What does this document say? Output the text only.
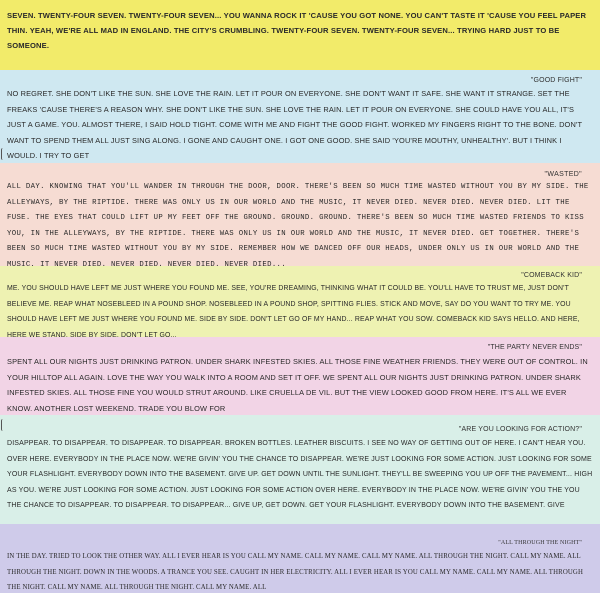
SEVEN. TWENTY-FOUR SEVEN. TWENTY-FOUR SEVEN... YOU WANNA ROCK IT 'CAUSE YOU GOT NONE. YOU CAN'T TASTE IT 'CAUSE YOU FEEL PAPER THIN. YEAH, WE'RE ALL MAD IN ENGLAND. THE CITY'S CRUMBLING. TWENTY-FOUR SEVEN. TWENTY-FOUR SEVEN... TRYING HARD JUST TO BE SOMEONE.
"GOOD FIGHT"
NO REGRET. SHE DON'T LIKE THE SUN. SHE LOVE THE RAIN. LET IT POUR ON EVERYONE. SHE DON'T WANT IT SAFE. SHE WANT IT STRANGE. SET THE FREAKS 'CAUSE THERE'S A REASON WHY. SHE DON'T LIKE THE SUN. SHE LOVE THE RAIN. LET IT POUR ON EVERYONE. SHE COULD HAVE YOU ALL, IT'S JUST A GAME. YOU. ALMOST THERE, I SAID HOLD TIGHT. COME WITH ME AND FIGHT THE GOOD FIGHT. WORKED MY FINGERS RIGHT TO THE BONE. DON'T WANT TO SPEND THEM ALL JUST SING ALONG. I GONE AND CAUGHT ONE. I GOT ONE GOOD. SHE SAID 'YOU'RE MOUTHY, UNHEALTHY'. BUT I THINK I WOULD. I TRY TO GET
"WASTED"
ALL DAY. KNOWING THAT YOU'LL WANDER IN THROUGH THE DOOR, DOOR. THERE'S BEEN SO MUCH TIME WASTED WITHOUT YOU BY MY SIDE. THE ALLEYWAYS, BY THE RIPTIDE. THERE WAS ONLY US IN OUR WORLD AND THE MUSIC, IT NEVER DIED. NEVER DIED. NEVER DIED. LIT THE FUSE. THE EYES THAT COULD LIFT UP MY FEET OFF THE GROUND. GROUND. GROUND. THERE'S BEEN SO MUCH TIME WASTED FRIENDS TO KISS YOU, IN THE ALLEYWAYS, BY THE RIPTIDE. THERE WAS ONLY US IN OUR WORLD AND THE MUSIC, IT NEVER DIED. GET TOGETHER. THERE'S BEEN SO MUCH TIME WASTED WITHOUT YOU BY MY SIDE. REMEMBER HOW WE DANCED OFF OUR HEADS, UNDER ONLY US IN OUR WORLD AND THE MUSIC, IT NEVER DIED. NEVER DIED. NEVER DIED. NEVER DIED...
"COMEBACK KID"
ME. YOU SHOULD HAVE LEFT ME JUST WHERE YOU FOUND ME. SEE, YOU'RE DREAMING, THINKING WHAT IT COULD BE. YOU'LL HAVE TO TRUST ME, JUST DON'T BELIEVE ME. REAP WHAT NOSEBLEED IN A POUND SHOP. NOSEBLEED IN A POUND SHOP, SPITTING FLIES. STICK AND MOVE, SAY DO YOU WANT TO TRY ME. YOU SHOULD HAVE LEFT ME JUST WHERE YOU FOUND ME. SIDE BY SIDE. DON'T LET GO OF MY HAND... REAP WHAT YOU SOW. COMEBACK KID SAYS HELLO. AND HERE, HERE WE STAND. SIDE BY SIDE. DON'T LET GO...
"THE PARTY NEVER ENDS"
SPENT ALL OUR NIGHTS JUST DRINKING PATRON. UNDER SHARK INFESTED SKIES. ALL THOSE FINE WEATHER FRIENDS. THEY WERE OUT OF CONTROL. IN YOUR HILLTOP ALL AGAIN. LOVE THE WAY YOU WALK INTO A ROOM AND SET IT OFF. WE SPENT ALL OUR NIGHTS JUST DRINKING PATRON. UNDER SHARK INFESTED SKIES. ALL THOSE FINE YOU WOULD STRUT AROUND. LIKE CRUELLA DE VIL. BUT THE VIEW LOOKED GOOD FROM HERE. IT'S ALL WE EVER KNOW. ANOTHER LOST WEEKEND. TRADE YOU BLOW FOR
"ARE YOU LOOKING FOR ACTION?"
DISAPPEAR. TO DISAPPEAR. TO DISAPPEAR. TO DISAPPEAR. BROKEN BOTTLES. LEATHER BISCUITS. I SEE NO WAY OF GETTING OUT OF HERE. I CAN'T HEAR YOU. OVER HERE. EVERYBODY IN THE PLACE NOW. WE'RE GIVIN' YOU THE CHANCE TO DISAPPEAR. WE'RE JUST LOOKING FOR SOME ACTION. JUST LOOKING FOR SOME YOUR FLASHLIGHT. EVERYBODY DOWN INTO THE BASEMENT. GIVE UP. GET DOWN UNTIL THE SUNLIGHT. THEY'LL BE SWEEPING YOU UP OFF THE PAVEMENT... HIGH AS YOU. WE'RE JUST LOOKING FOR SOME ACTION. JUST LOOKING FOR SOME ACTION OVER HERE. EVERYBODY IN THE PLACE NOW. WE'RE GIVIN' YOU THE YOU THE CHANCE TO DISAPPEAR. TO DISAPPEAR. TO DISAPPEAR... GIVE UP, GET DOWN. GET YOUR FLASHLIGHT. EVERYBODY DOWN INTO THE BASEMENT. GIVE
"ALL THROUGH THE NIGHT"
IN THE DAY. TRIED TO LOOK THE OTHER WAY. ALL I EVER HEAR IS YOU CALL MY NAME. CALL MY NAME. CALL MY NAME. ALL THROUGH THE NIGHT. CALL MY NAME. ALL THROUGH THE NIGHT. DOWN IN THE WOODS. A TRANCE YOU SEE. CAUGHT IN HER ELECTRICITY. ALL I EVER HEAR IS YOU CALL MY NAME. CALL MY NAME. ALL THROUGH THE NIGHT. CALL MY NAME. ALL THROUGH THE NIGHT. CALL MY NAME. ALL
